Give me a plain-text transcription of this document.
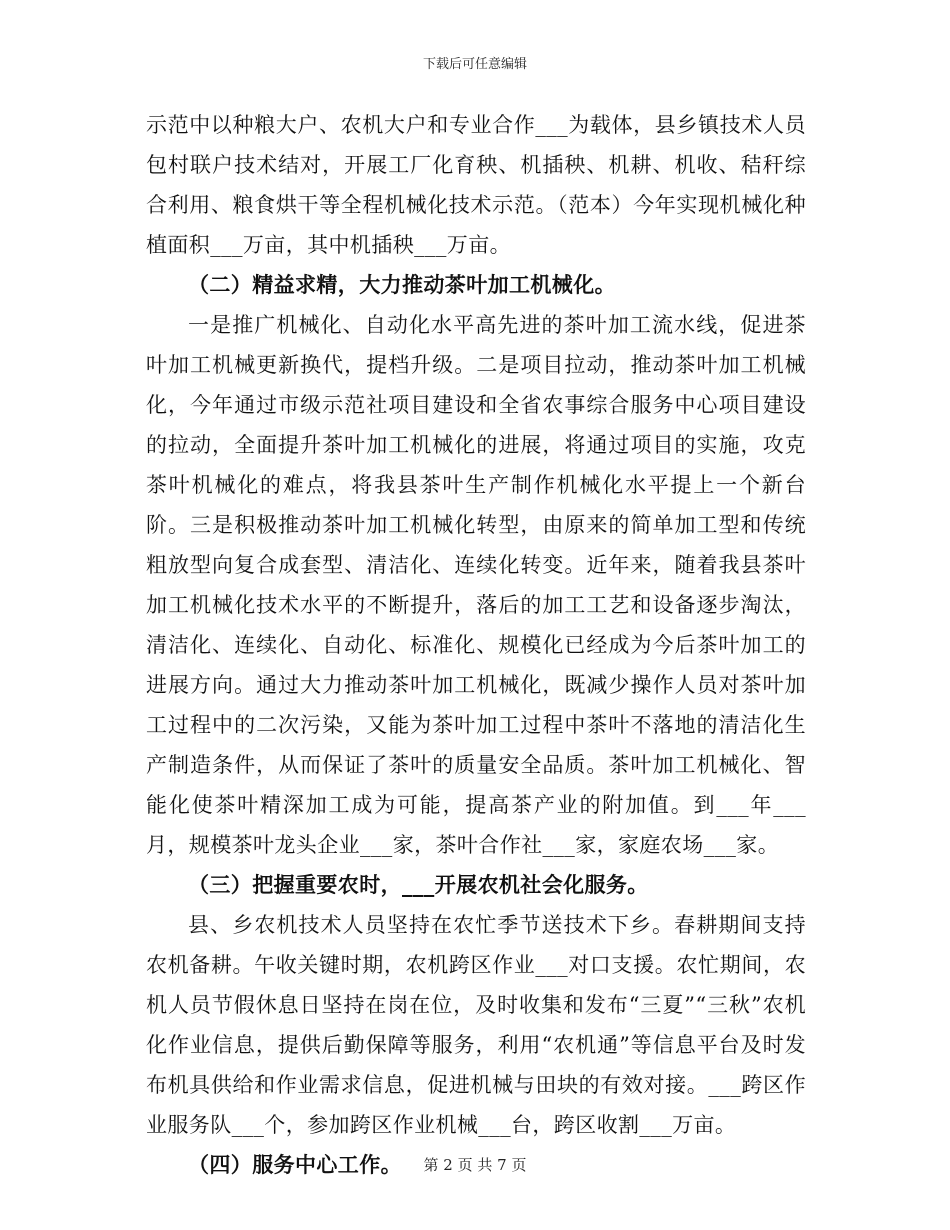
下载后可任意编辑

示范中以种粮大户、农机大户和专业合作___为载体，县乡镇技术人员包村联户技术结对，开展工厂化育秧、机插秧、机耕、机收、秸秆综合利用、粮食烘干等全程机械化技术示范。（范本）今年实现机械化种植面积___万亩，其中机插秧___万亩。

（二）精益求精，大力推动茶叶加工机械化。

一是推广机械化、自动化水平高先进的茶叶加工流水线，促进茶叶加工机械更新换代，提档升级。二是项目拉动，推动茶叶加工机械化，今年通过市级示范社项目建设和全省农事综合服务中心项目建设的拉动，全面提升茶叶加工机械化的进展，将通过项目的实施，攻克茶叶机械化的难点，将我县茶叶生产制作机械化水平提上一个新台阶。三是积极推动茶叶加工机械化转型，由原来的简单加工型和传统粗放型向复合成套型、清洁化、连续化转变。近年来，随着我县茶叶加工机械化技术水平的不断提升，落后的加工工艺和设备逐步淘汰，清洁化、连续化、自动化、标准化、规模化已经成为今后茶叶加工的进展方向。通过大力推动茶叶加工机械化，既减少操作人员对茶叶加工过程中的二次污染，又能为茶叶加工过程中茶叶不落地的清洁化生产制造条件，从而保证了茶叶的质量安全品质。茶叶加工机械化、智能化使茶叶精深加工成为可能，提高茶产业的附加值。到___年___月，规模茶叶龙头企业___家，茶叶合作社___家，家庭农场___家。

（三）把握重要农时，___开展农机社会化服务。

县、乡农机技术人员坚持在农忙季节送技术下乡。春耕期间支持农机备耕。午收关键时期，农机跨区作业___对口支援。农忙期间，农机人员节假休息日坚持在岗在位，及时收集和发布“三夏”“三秋”农机化作业信息，提供后勤保障等服务，利用“农机通”等信息平台及时发布机具供给和作业需求信息，促进机械与田块的有效对接。___跨区作业服务队___个，参加跨区作业机械___台，跨区收割___万亩。

（四）服务中心工作。	第 2 页 共 7 页
